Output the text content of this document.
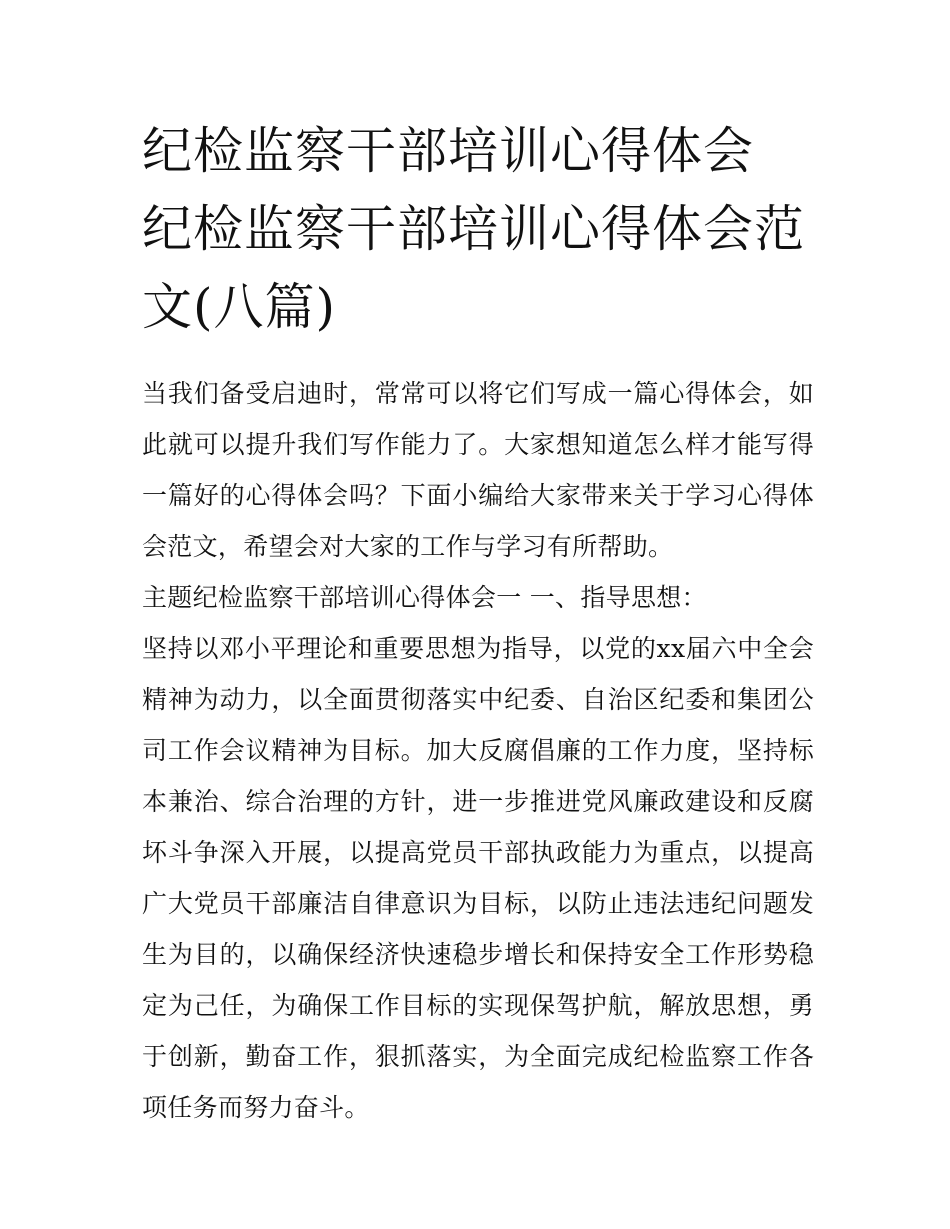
纪检监察干部培训心得体会 纪检监察干部培训心得体会范文(八篇)

当我们备受启迪时，常常可以将它们写成一篇心得体会，如此就可以提升我们写作能力了。大家想知道怎么样才能写得一篇好的心得体会吗？下面小编给大家带来关于学习心得体会范文，希望会对大家的工作与学习有所帮助。

主题纪检监察干部培训心得体会一 一、指导思想：

坚持以邓小平理论和重要思想为指导，以党的xx届六中全会精神为动力，以全面贯彻落实中纪委、自治区纪委和集团公司工作会议精神为目标。加大反腐倡廉的工作力度，坚持标本兼治、综合治理的方针，进一步推进党风廉政建设和反腐坏斗争深入开展，以提高党员干部执政能力为重点，以提高广大党员干部廉洁自律意识为目标，以防止违法违纪问题发生为目的，以确保经济快速稳步增长和保持安全工作形势稳定为己任，为确保工作目标的实现保驾护航，解放思想，勇于创新，勤奋工作，狠抓落实，为全面完成纪检监察工作各项任务而努力奋斗。
